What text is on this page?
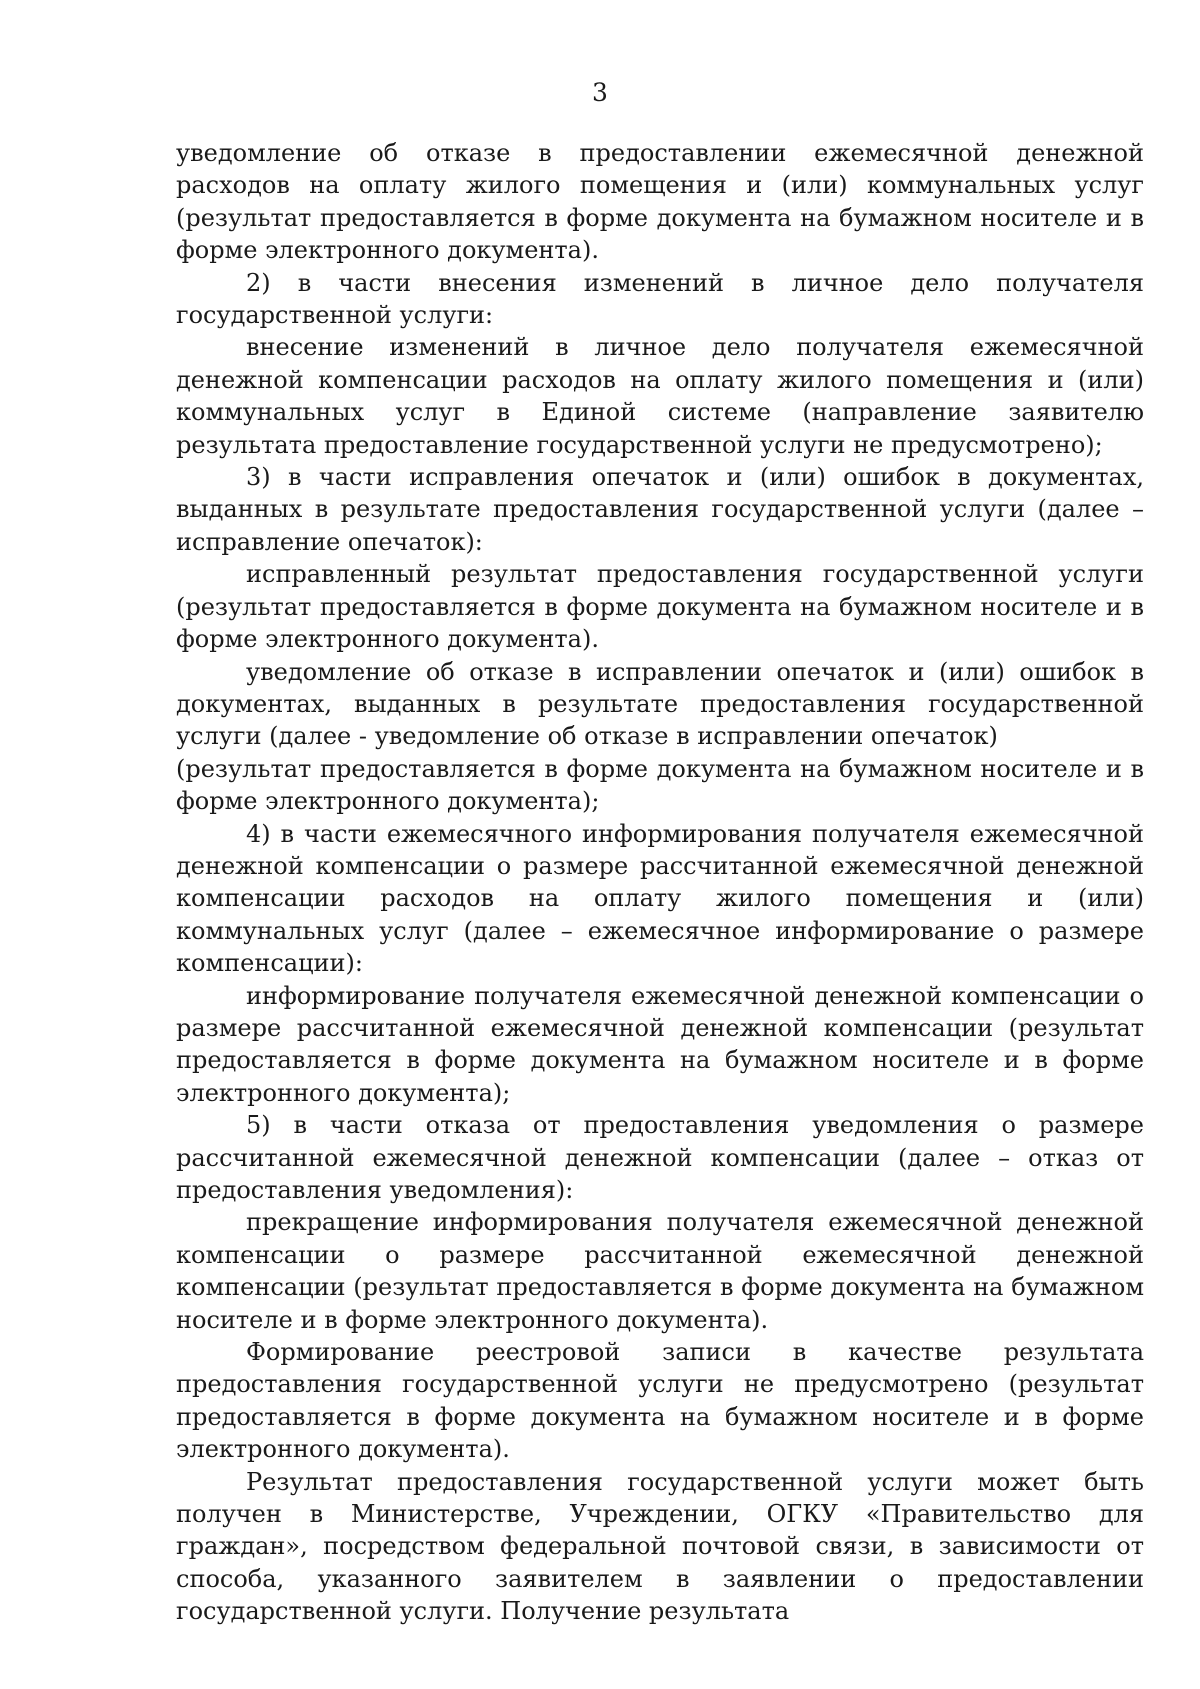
3

уведомление об отказе в предоставлении ежемесячной денежной расходов на оплату жилого помещения и (или) коммунальных услуг (результат предоставляется в форме документа на бумажном носителе и в форме электронного документа).

2) в части внесения изменений в личное дело получателя государственной услуги:

внесение изменений в личное дело получателя ежемесячной денежной компенсации расходов на оплату жилого помещения и (или) коммунальных услуг в Единой системе (направление заявителю результата предоставление государственной услуги не предусмотрено);

3) в части исправления опечаток и (или) ошибок в документах, выданных в результате предоставления государственной услуги (далее – исправление опечаток):

исправленный результат предоставления государственной услуги (результат предоставляется в форме документа на бумажном носителе и в форме электронного документа).

уведомление об отказе в исправлении опечаток и (или) ошибок в документах, выданных в результате предоставления государственной услуги (далее - уведомление об отказе в исправлении опечаток)

(результат предоставляется в форме документа на бумажном носителе и в форме электронного документа);

4) в части ежемесячного информирования получателя ежемесячной денежной компенсации о размере рассчитанной ежемесячной денежной компенсации расходов на оплату жилого помещения и (или) коммунальных услуг (далее – ежемесячное информирование о размере компенсации):

информирование получателя ежемесячной денежной компенсации о размере рассчитанной ежемесячной денежной компенсации (результат предоставляется в форме документа на бумажном носителе и в форме электронного документа);

5) в части отказа от предоставления уведомления о размере рассчитанной ежемесячной денежной компенсации (далее – отказ от предоставления уведомления):

прекращение информирования получателя ежемесячной денежной компенсации о размере рассчитанной ежемесячной денежной компенсации (результат предоставляется в форме документа на бумажном носителе и в форме электронного документа).

Формирование реестровой записи в качестве результата предоставления государственной услуги не предусмотрено (результат предоставляется в форме документа на бумажном носителе и в форме электронного документа).

Результат предоставления государственной услуги может быть получен в Министерстве, Учреждении, ОГКУ «Правительство для граждан», посредством федеральной почтовой связи, в зависимости от способа, указанного заявителем в заявлении о предоставлении государственной услуги. Получение результата
